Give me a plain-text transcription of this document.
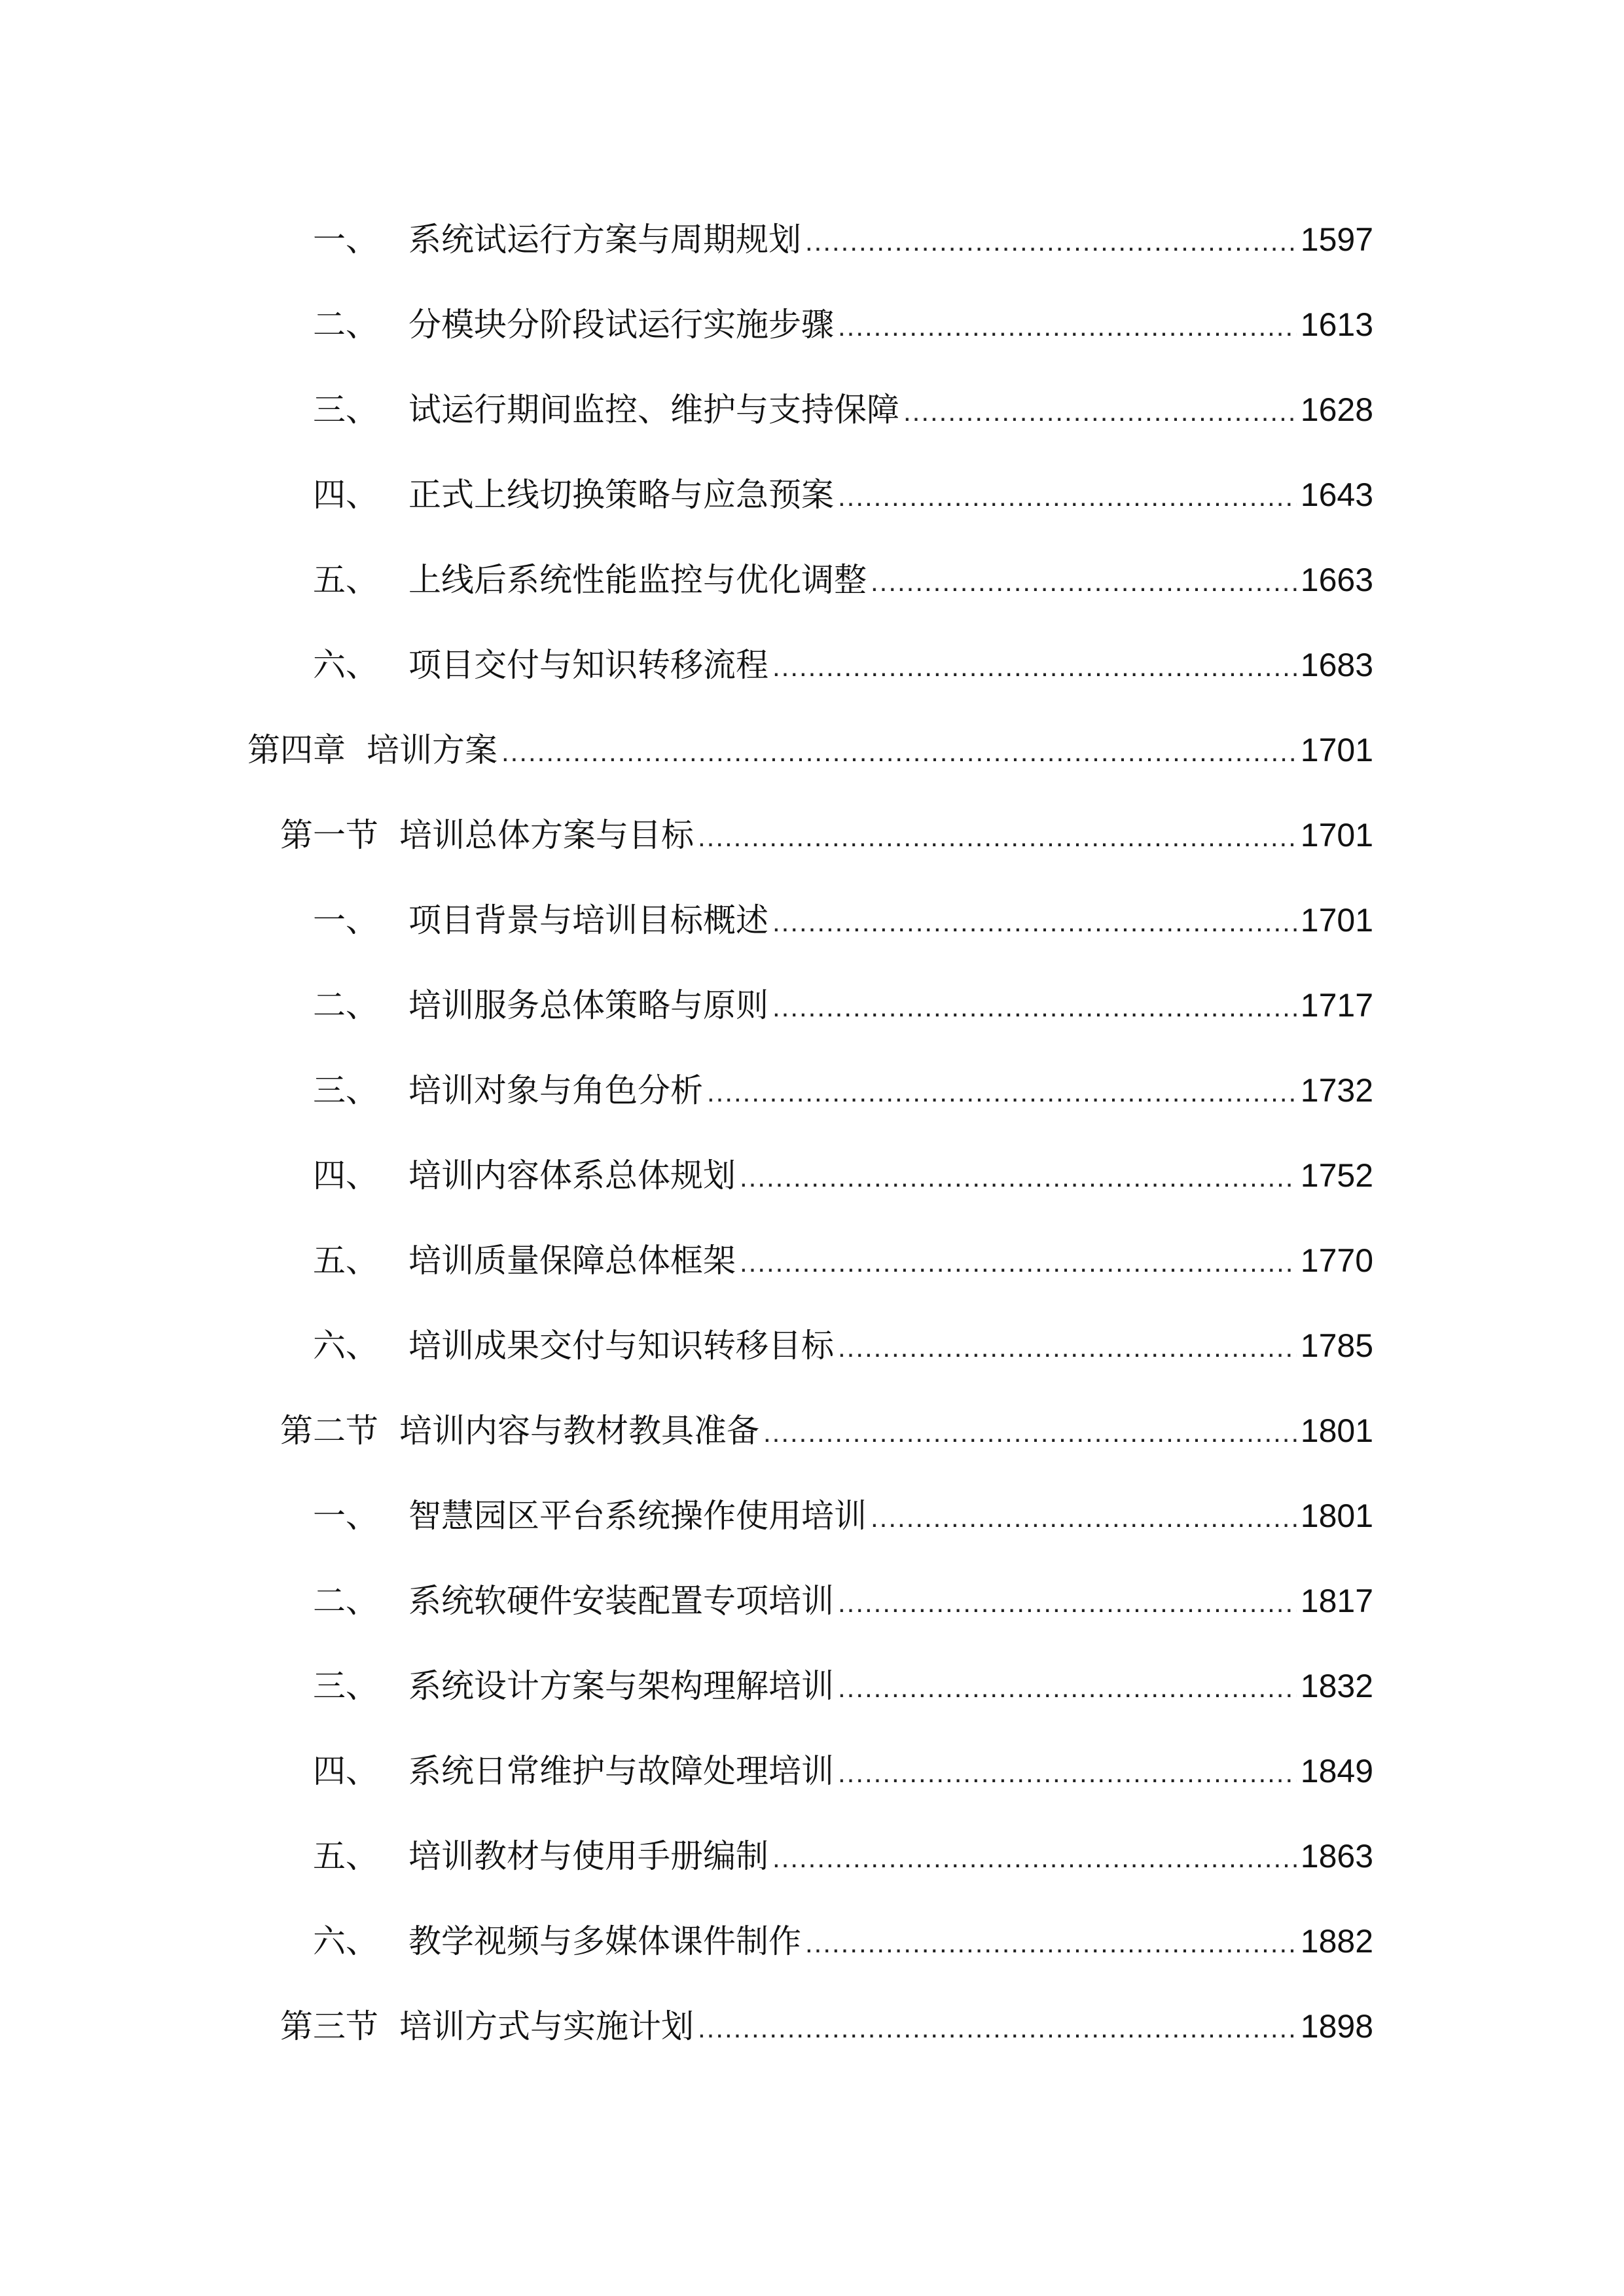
一、 系统试运行方案与周期规划 .....	1597
二、 分模块分阶段试运行实施步骤 .....	1613
三、 试运行期间监控、维护与支持保障 .....	1628
四、 正式上线切换策略与应急预案 .....	1643
五、 上线后系统性能监控与优化调整 .....	1663
六、 项目交付与知识转移流程 .....	1683
第四章 培训方案 .....	1701
第一节 培训总体方案与目标 .....	1701
一、 项目背景与培训目标概述 .....	1701
二、 培训服务总体策略与原则 .....	1717
三、 培训对象与角色分析 .....	1732
四、 培训内容体系总体规划 .....	1752
五、 培训质量保障总体框架 .....	1770
六、 培训成果交付与知识转移目标 .....	1785
第二节 培训内容与教材教具准备 .....	1801
一、 智慧园区平台系统操作使用培训 .....	1801
二、 系统软硬件安装配置专项培训 .....	1817
三、 系统设计方案与架构理解培训 .....	1832
四、 系统日常维护与故障处理培训 .....	1849
五、 培训教材与使用手册编制 .....	1863
六、 教学视频与多媒体课件制作 .....	1882
第三节 培训方式与实施计划 .....	1898
